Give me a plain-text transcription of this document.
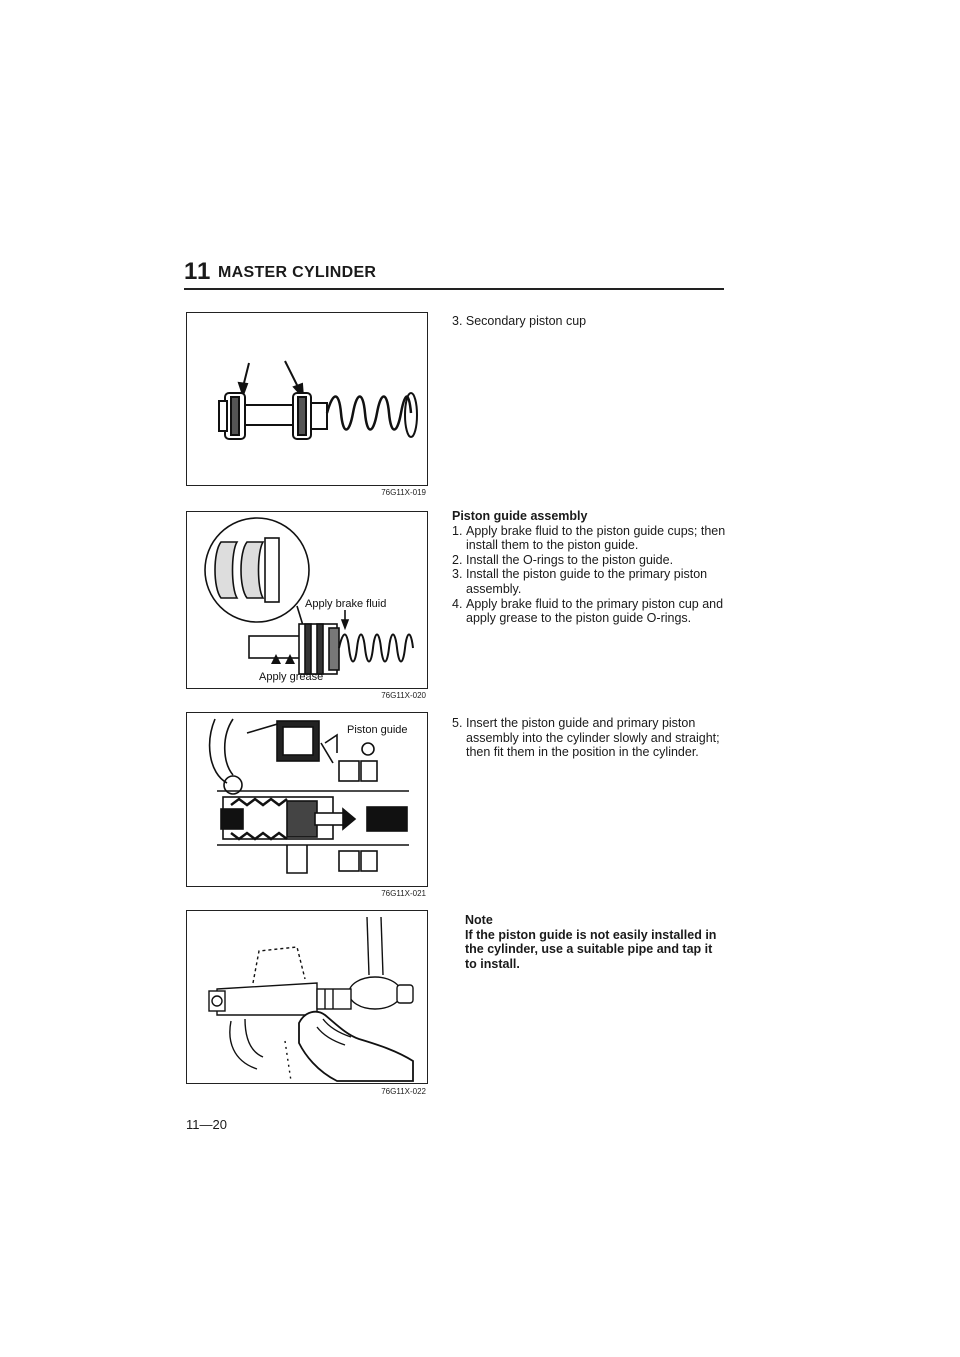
11 MASTER CYLINDER
76G11X-019
Apply brake fluid
Apply grease
76G11X-020
Piston guide
76G11X-021
76G11X-022
3. Secondary piston cup
Piston guide assembly
1. Apply brake fluid to the piston guide cups; then install them to the piston guide.
2. Install the O-rings to the piston guide.
3. Install the piston guide to the primary piston assembly.
4. Apply brake fluid to the primary piston cup and apply grease to the piston guide O-rings.
5. Insert the piston guide and primary piston assembly into the cylinder slowly and straight; then fit them in the position in the cylinder.
Note
If the piston guide is not easily installed in the cylinder, use a suitable pipe and tap it to install.
11—20
